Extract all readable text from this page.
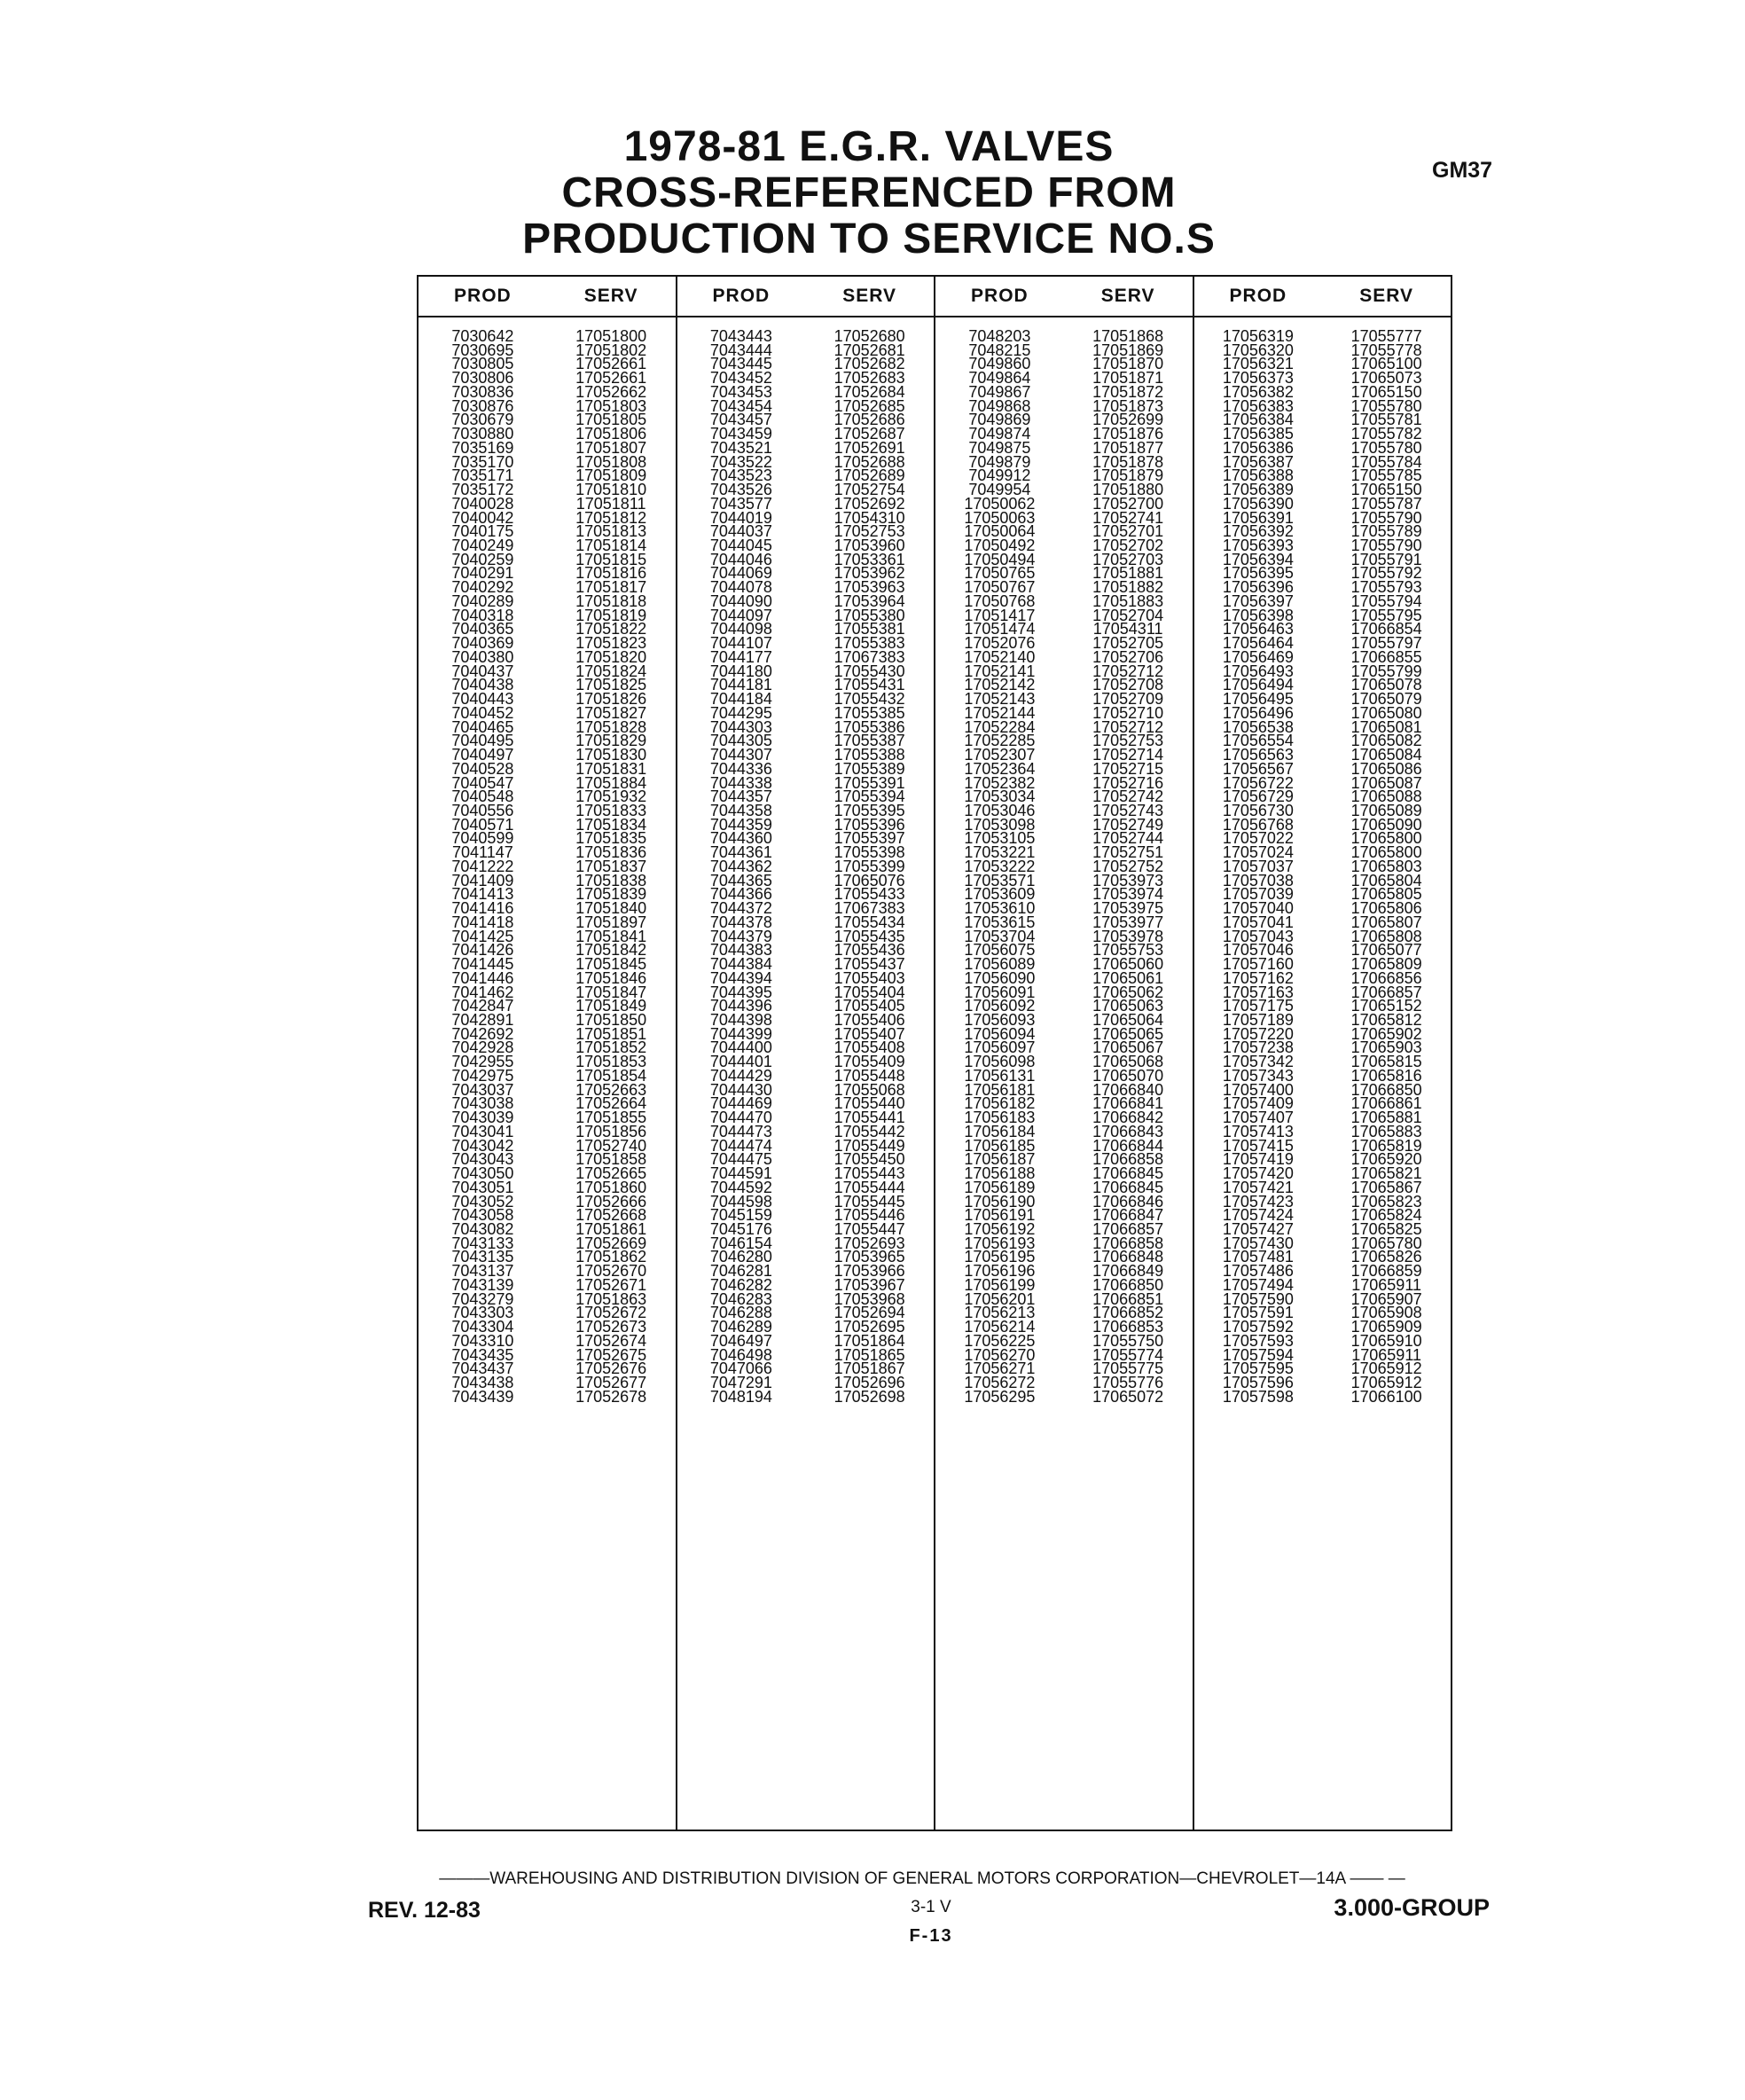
1978-81 E.G.R. VALVES
CROSS-REFERENCED FROM
PRODUCTION TO SERVICE NO.S
GM37
PROD	SERV
7030642	17051800
7030695	17051802
7030805	17052661
7030806	17052661
7030836	17052662
7030876	17051803
7030679	17051805
7030880	17051806
7035169	17051807
7035170	17051808
7035171	17051809
7035172	17051810
7040028	17051811
7040042	17051812
7040175	17051813
7040249	17051814
7040259	17051815
7040291	17051816
7040292	17051817
7040289	17051818
7040318	17051819
7040365	17051822
7040369	17051823
7040380	17051820
7040437	17051824
7040438	17051825
7040443	17051826
7040452	17051827
7040465	17051828
7040495	17051829
7040497	17051830
7040528	17051831
7040547	17051884
7040548	17051932
7040556	17051833
7040571	17051834
7040599	17051835
7041147	17051836
7041222	17051837
7041409	17051838
7041413	17051839
7041416	17051840
7041418	17051897
7041425	17051841
7041426	17051842
7041445	17051845
7041446	17051846
7041462	17051847
7042847	17051849
7042891	17051850
7042692	17051851
7042928	17051852
7042955	17051853
7042975	17051854
7043037	17052663
7043038	17052664
7043039	17051855
7043041	17051856
7043042	17052740
7043043	17051858
7043050	17052665
7043051	17051860
7043052	17052666
7043058	17052668
7043082	17051861
7043133	17052669
7043135	17051862
7043137	17052670
7043139	17052671
7043279	17051863
7043303	17052672
7043304	17052673
7043310	17052674
7043435	17052675
7043437	17052676
7043438	17052677
7043439	17052678
PROD	SERV
7043443	17052680
7043444	17052681
7043445	17052682
7043452	17052683
7043453	17052684
7043454	17052685
7043457	17052686
7043459	17052687
7043521	17052691
7043522	17052688
7043523	17052689
7043526	17052754
7043577	17052692
7044019	17054310
7044037	17052753
7044045	17053960
7044046	17053361
7044069	17053962
7044078	17053963
7044090	17053964
7044097	17055380
7044098	17055381
7044107	17055383
7044177	17067383
7044180	17055430
7044181	17055431
7044184	17055432
7044295	17055385
7044303	17055386
7044305	17055387
7044307	17055388
7044336	17055389
7044338	17055391
7044357	17055394
7044358	17055395
7044359	17055396
7044360	17055397
7044361	17055398
7044362	17055399
7044365	17065076
7044366	17055433
7044372	17067383
7044378	17055434
7044379	17055435
7044383	17055436
7044384	17055437
7044394	17055403
7044395	17055404
7044396	17055405
7044398	17055406
7044399	17055407
7044400	17055408
7044401	17055409
7044429	17055448
7044430	17055068
7044469	17055440
7044470	17055441
7044473	17055442
7044474	17055449
7044475	17055450
7044591	17055443
7044592	17055444
7044598	17055445
7045159	17055446
7045176	17055447
7046154	17052693
7046280	17053965
7046281	17053966
7046282	17053967
7046283	17053968
7046288	17052694
7046289	17052695
7046497	17051864
7046498	17051865
7047066	17051867
7047291	17052696
7048194	17052698
PROD	SERV
7048203	17051868
7048215	17051869
7049860	17051870
7049864	17051871
7049867	17051872
7049868	17051873
7049869	17052699
7049874	17051876
7049875	17051877
7049879	17051878
7049912	17051879
7049954	17051880
17050062	17052700
17050063	17052741
17050064	17052701
17050492	17052702
17050494	17052703
17050765	17051881
17050767	17051882
17050768	17051883
17051417	17052704
17051474	17054311
17052076	17052705
17052140	17052706
17052141	17052712
17052142	17052708
17052143	17052709
17052144	17052710
17052284	17052712
17052285	17052753
17052307	17052714
17052364	17052715
17052382	17052716
17053034	17052742
17053046	17052743
17053098	17052749
17053105	17052744
17053221	17052751
17053222	17052752
17053571	17053973
17053609	17053974
17053610	17053975
17053615	17053977
17053704	17053978
17056075	17055753
17056089	17065060
17056090	17065061
17056091	17065062
17056092	17065063
17056093	17065064
17056094	17065065
17056097	17065067
17056098	17065068
17056131	17065070
17056181	17066840
17056182	17066841
17056183	17066842
17056184	17066843
17056185	17066844
17056187	17066858
17056188	17066845
17056189	17066845
17056190	17066846
17056191	17066847
17056192	17066857
17056193	17066858
17056195	17066848
17056196	17066849
17056199	17066850
17056201	17066851
17056213	17066852
17056214	17066853
17056225	17055750
17056270	17055774
17056271	17055775
17056272	17055776
17056295	17065072
PROD	SERV
17056319	17055777
17056320	17055778
17056321	17065100
17056373	17065073
17056382	17065150
17056383	17055780
17056384	17055781
17056385	17055782
17056386	17055780
17056387	17055784
17056388	17055785
17056389	17065150
17056390	17055787
17056391	17055790
17056392	17055789
17056393	17055790
17056394	17055791
17056395	17055792
17056396	17055793
17056397	17055794
17056398	17055795
17056463	17066854
17056464	17055797
17056469	17066855
17056493	17055799
17056494	17065078
17056495	17065079
17056496	17065080
17056538	17065081
17056554	17065082
17056563	17065084
17056567	17065086
17056722	17065087
17056729	17065088
17056730	17065089
17056768	17065090
17057022	17065800
17057024	17065800
17057037	17065803
17057038	17065804
17057039	17065805
17057040	17065806
17057041	17065807
17057043	17065808
17057046	17065077
17057160	17065809
17057162	17066856
17057163	17066857
17057175	17065152
17057189	17065812
17057220	17065902
17057238	17065903
17057342	17065815
17057343	17065816
17057400	17066850
17057409	17066861
17057407	17065881
17057413	17065883
17057415	17065819
17057419	17065920
17057420	17065821
17057421	17065867
17057423	17065823
17057424	17065824
17057427	17065825
17057430	17065780
17057481	17065826
17057486	17066859
17057494	17065911
17057590	17065907
17057591	17065908
17057592	17065909
17057593	17065910
17057594	17065911
17057595	17065912
17057596	17065912
17057598	17066100
———WAREHOUSING AND DISTRIBUTION DIVISION OF GENERAL MOTORS CORPORATION—CHEVROLET—14A —— —
REV. 12-83	3-1 V	3.000-GROUP
F-13
